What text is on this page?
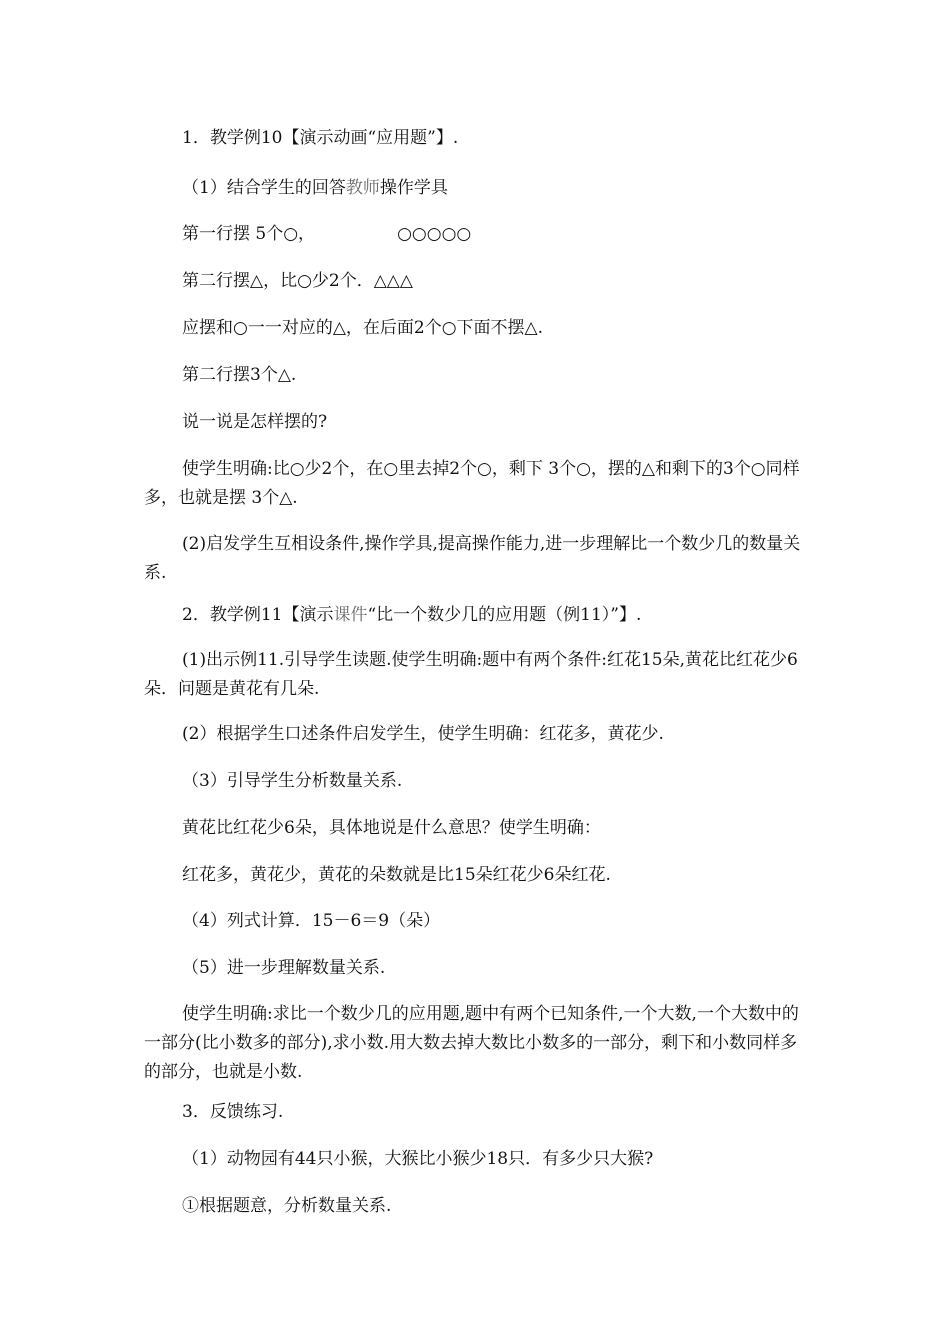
1．教学例10【演示动画“应用题”】.

（1）结合学生的回答教师操作学具

第一行摆 5个○，	○○○○○

第二行摆△，比○少2个．△△△

应摆和○一一对应的△，在后面2个○下面不摆△.

第二行摆3个△.

说一说是怎样摆的?

使学生明确:比○少2个，在○里去掉2个○，剩下 3个○，摆的△和剩下的3个○同样多，也就是摆 3个△.

(2)启发学生互相设条件,操作学具,提高操作能力,进一步理解比一个数少几的数量关系.

2．教学例11【演示课件“比一个数少几的应用题（例11）”】.

(1)出示例11.引导学生读题.使学生明确:题中有两个条件:红花15朵,黄花比红花少6朵．问题是黄花有几朵.

(2）根据学生口述条件启发学生，使学生明确：红花多，黄花少.

（3）引导学生分析数量关系.

黄花比红花少6朵，具体地说是什么意思？使学生明确：

红花多，黄花少，黄花的朵数就是比15朵红花少6朵红花.

（4）列式计算．15－6＝9（朵）

（5）进一步理解数量关系.

使学生明确:求比一个数少几的应用题,题中有两个已知条件,一个大数,一个大数中的一部分(比小数多的部分),求小数.用大数去掉大数比小数多的一部分，剩下和小数同样多的部分，也就是小数.

3．反馈练习.

（1）动物园有44只小猴，大猴比小猴少18只．有多少只大猴?

①根据题意，分析数量关系.
